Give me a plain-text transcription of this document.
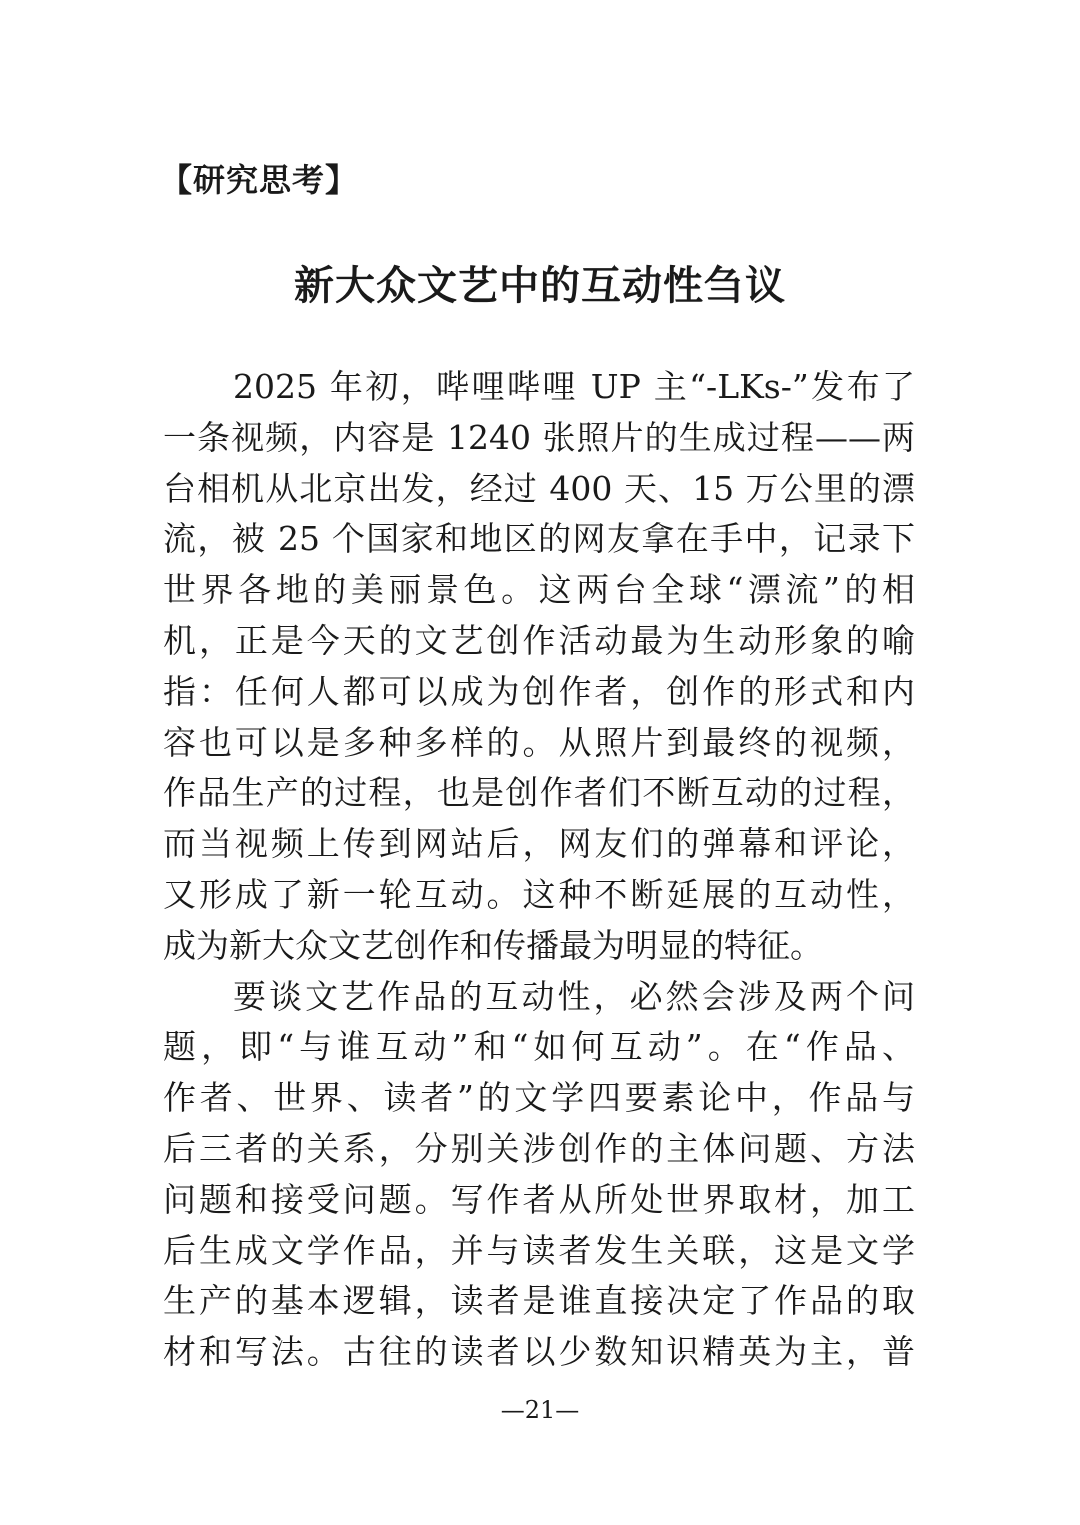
【研究思考】
新大众文艺中的互动性刍议
2025 年初，哔哩哔哩 UP 主“-LKs-”发布了
一条视频，内容是 1240 张照片的生成过程——两
台相机从北京出发，经过 400 天、15 万公里的漂
流，被 25 个国家和地区的网友拿在手中，记录下
世界各地的美丽景色。这两台全球“漂流”的相
机，正是今天的文艺创作活动最为生动形象的喻
指：任何人都可以成为创作者，创作的形式和内
容也可以是多种多样的。从照片到最终的视频，
作品生产的过程，也是创作者们不断互动的过程，
而当视频上传到网站后，网友们的弹幕和评论，
又形成了新一轮互动。这种不断延展的互动性，
成为新大众文艺创作和传播最为明显的特征。
要谈文艺作品的互动性，必然会涉及两个问
题，即“与谁互动”和“如何互动”。在“作品、
作者、世界、读者”的文学四要素论中，作品与
后三者的关系，分别关涉创作的主体问题、方法
问题和接受问题。写作者从所处世界取材，加工
后生成文学作品，并与读者发生关联，这是文学
生产的基本逻辑，读者是谁直接决定了作品的取
材和写法。古往的读者以少数知识精英为主，普
—21—
